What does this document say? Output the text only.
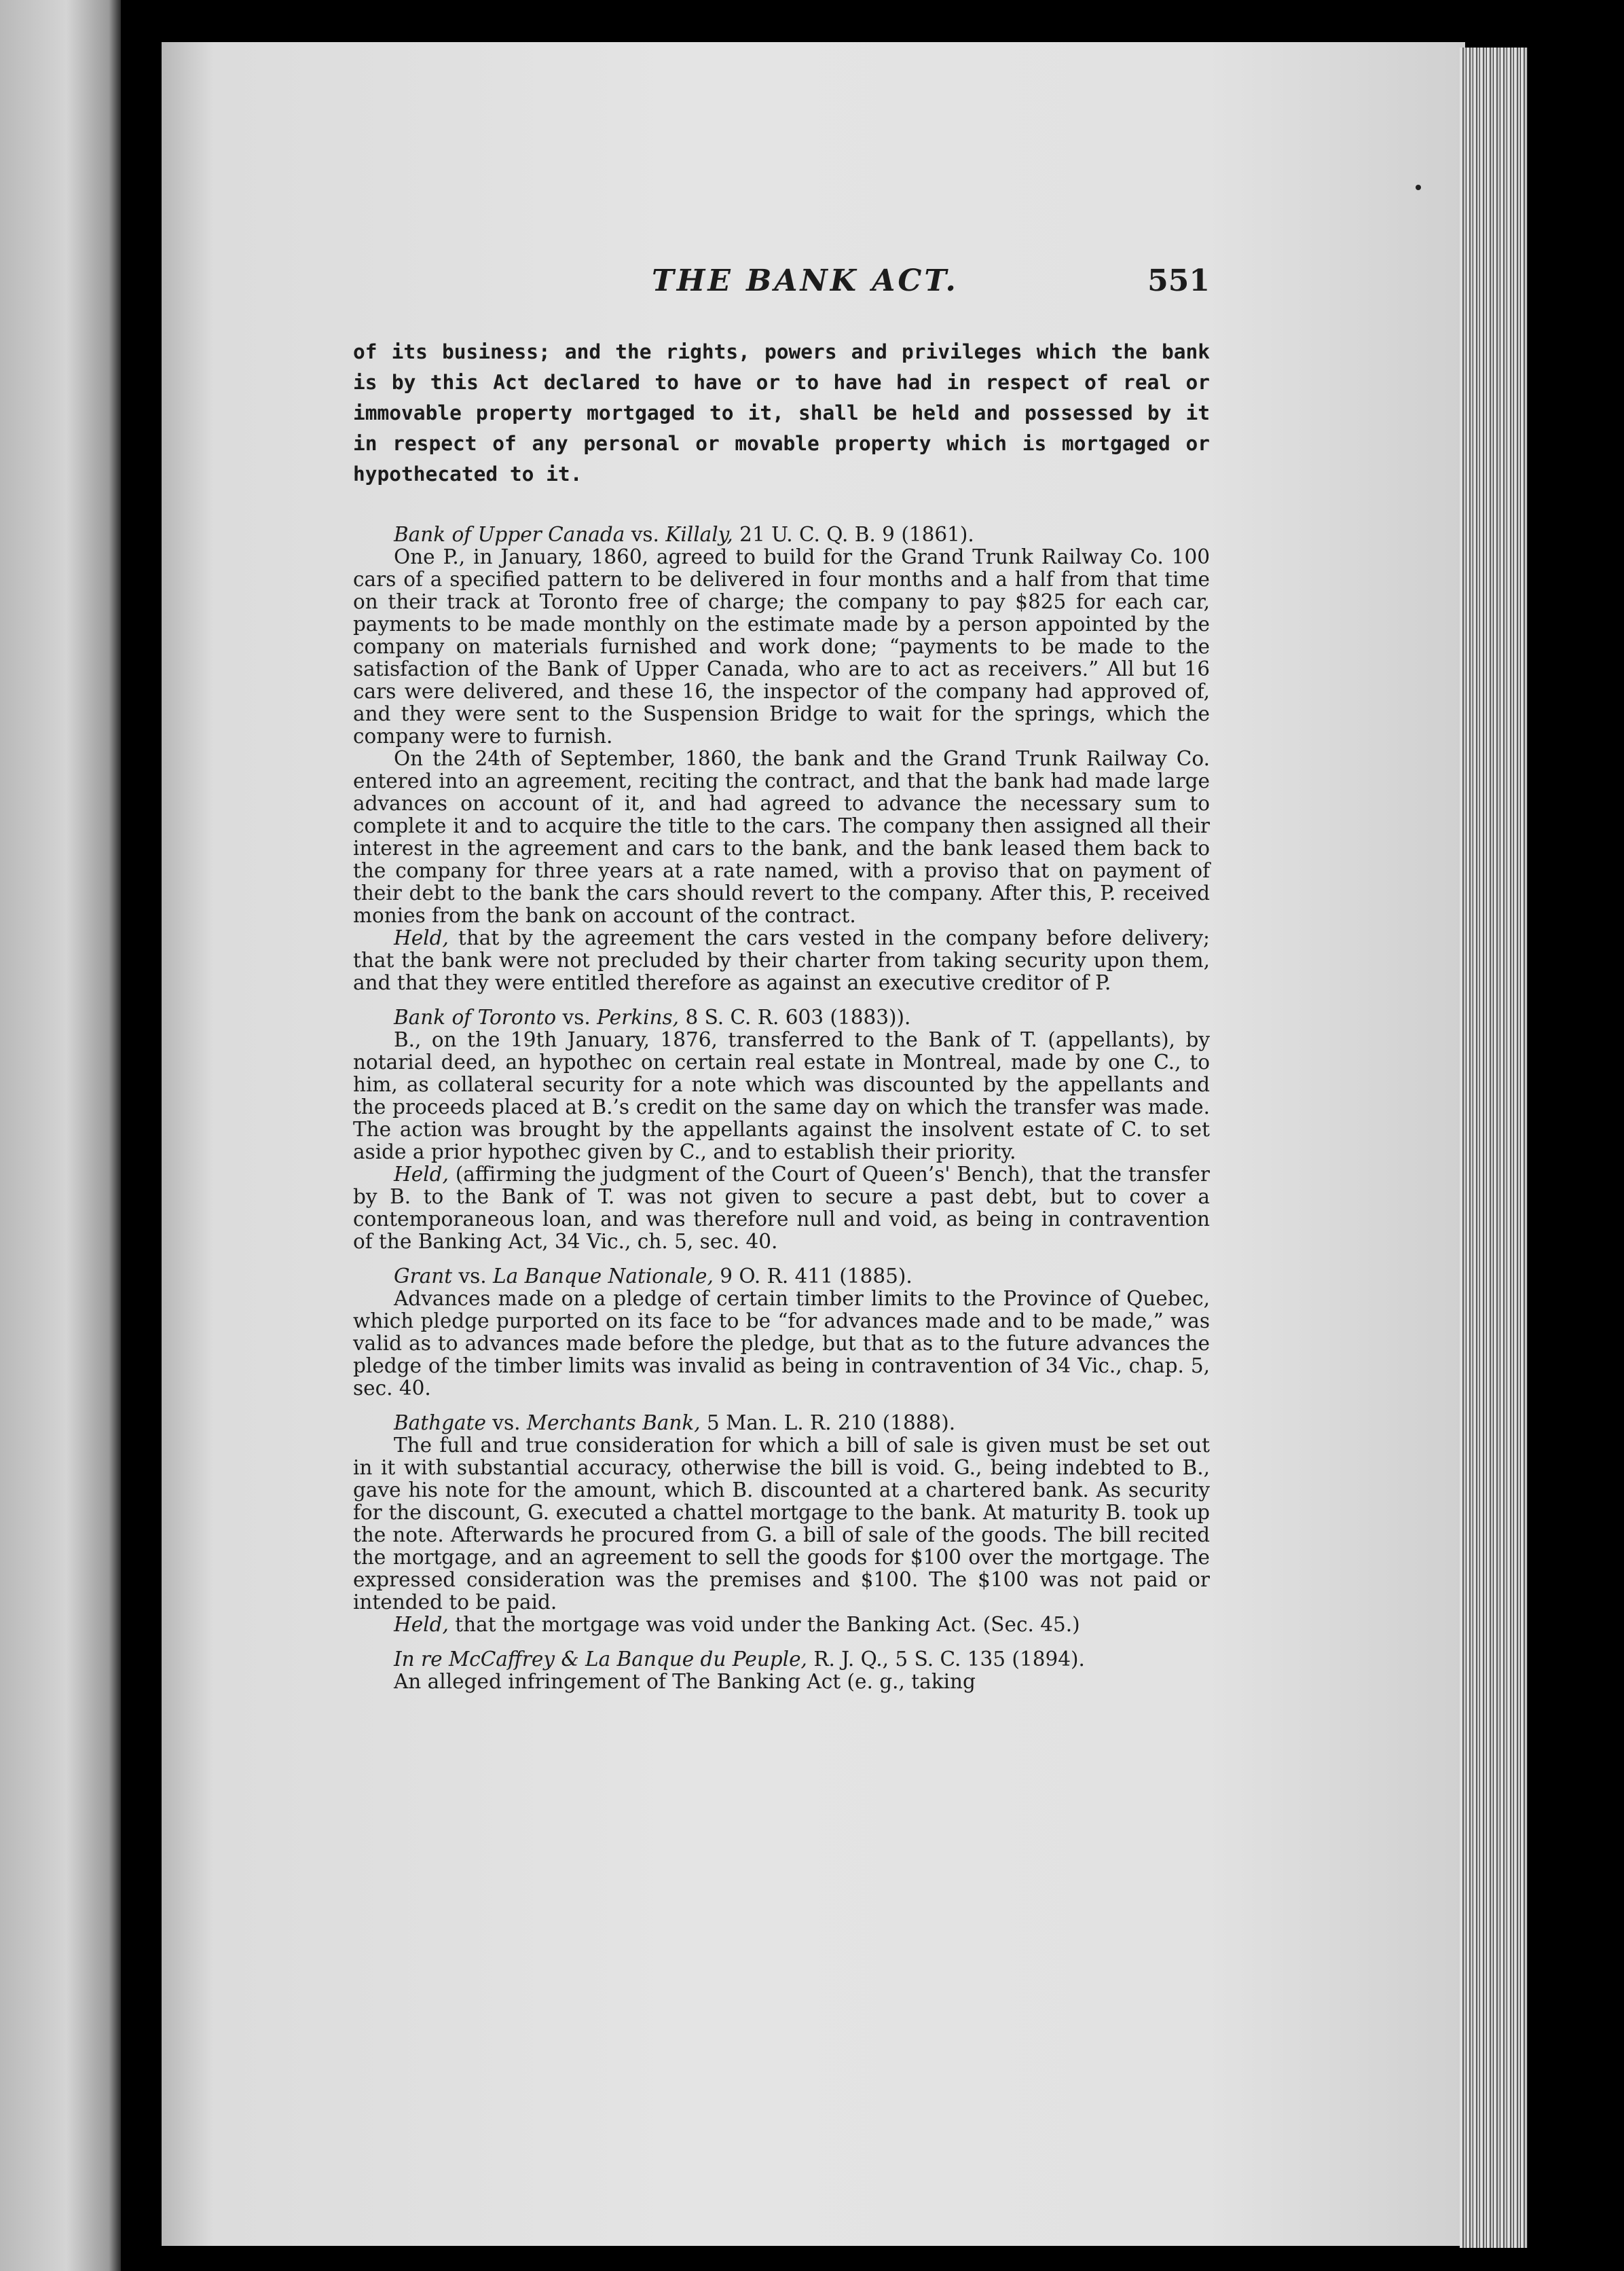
THE BANK ACT.	551

of its business; and the rights, powers and privileges which the bank is by this Act declared to have or to have had in respect of real or immovable property mortgaged to it, shall be held and possessed by it in respect of any personal or movable property which is mortgaged or hypothecated to it.

Bank of Upper Canada vs. Killaly, 21 U. C. Q. B. 9 (1861).

One P., in January, 1860, agreed to build for the Grand Trunk Railway Co. 100 cars of a specified pattern to be delivered in four months and a half from that time on their track at Toronto free of charge; the company to pay $825 for each car, payments to be made monthly on the estimate made by a person appointed by the company on materials furnished and work done; “payments to be made to the satisfaction of the Bank of Upper Canada, who are to act as receivers.” All but 16 cars were delivered, and these 16, the inspector of the company had approved of, and they were sent to the Suspension Bridge to wait for the springs, which the company were to furnish.

On the 24th of September, 1860, the bank and the Grand Trunk Railway Co. entered into an agreement, reciting the contract, and that the bank had made large advances on account of it, and had agreed to advance the necessary sum to complete it and to acquire the title to the cars. The company then assigned all their interest in the agreement and cars to the bank, and the bank leased them back to the company for three years at a rate named, with a proviso that on payment of their debt to the bank the cars should revert to the company. After this, P. received monies from the bank on account of the contract.

Held, that by the agreement the cars vested in the company before delivery; that the bank were not precluded by their charter from taking security upon them, and that they were entitled therefore as against an executive creditor of P.

Bank of Toronto vs. Perkins, 8 S. C. R. 603 (1883)).

B., on the 19th January, 1876, transferred to the Bank of T. (appellants), by notarial deed, an hypothec on certain real estate in Montreal, made by one C., to him, as collateral security for a note which was discounted by the appellants and the proceeds placed at B.’s credit on the same day on which the transfer was made. The action was brought by the appellants against the insolvent estate of C. to set aside a prior hypothec given by C., and to establish their priority.

Held, (affirming the judgment of the Court of Queen’s' Bench), that the transfer by B. to the Bank of T. was not given to secure a past debt, but to cover a contemporaneous loan, and was therefore null and void, as being in contravention of the Banking Act, 34 Vic., ch. 5, sec. 40.

Grant vs. La Banque Nationale, 9 O. R. 411 (1885).

Advances made on a pledge of certain timber limits to the Province of Quebec, which pledge purported on its face to be “for advances made and to be made,” was valid as to advances made before the pledge, but that as to the future advances the pledge of the timber limits was invalid as being in contravention of 34 Vic., chap. 5, sec. 40.

Bathgate vs. Merchants Bank, 5 Man. L. R. 210 (1888).

The full and true consideration for which a bill of sale is given must be set out in it with substantial accuracy, otherwise the bill is void. G., being indebted to B., gave his note for the amount, which B. discounted at a chartered bank. As security for the discount, G. executed a chattel mortgage to the bank. At maturity B. took up the note. Afterwards he procured from G. a bill of sale of the goods. The bill recited the mortgage, and an agreement to sell the goods for $100 over the mortgage. The expressed consideration was the premises and $100. The $100 was not paid or intended to be paid.

Held, that the mortgage was void under the Banking Act. (Sec. 45.)

In re McCaffrey & La Banque du Peuple, R. J. Q., 5 S. C. 135 (1894).

An alleged infringement of The Banking Act (e. g., taking
